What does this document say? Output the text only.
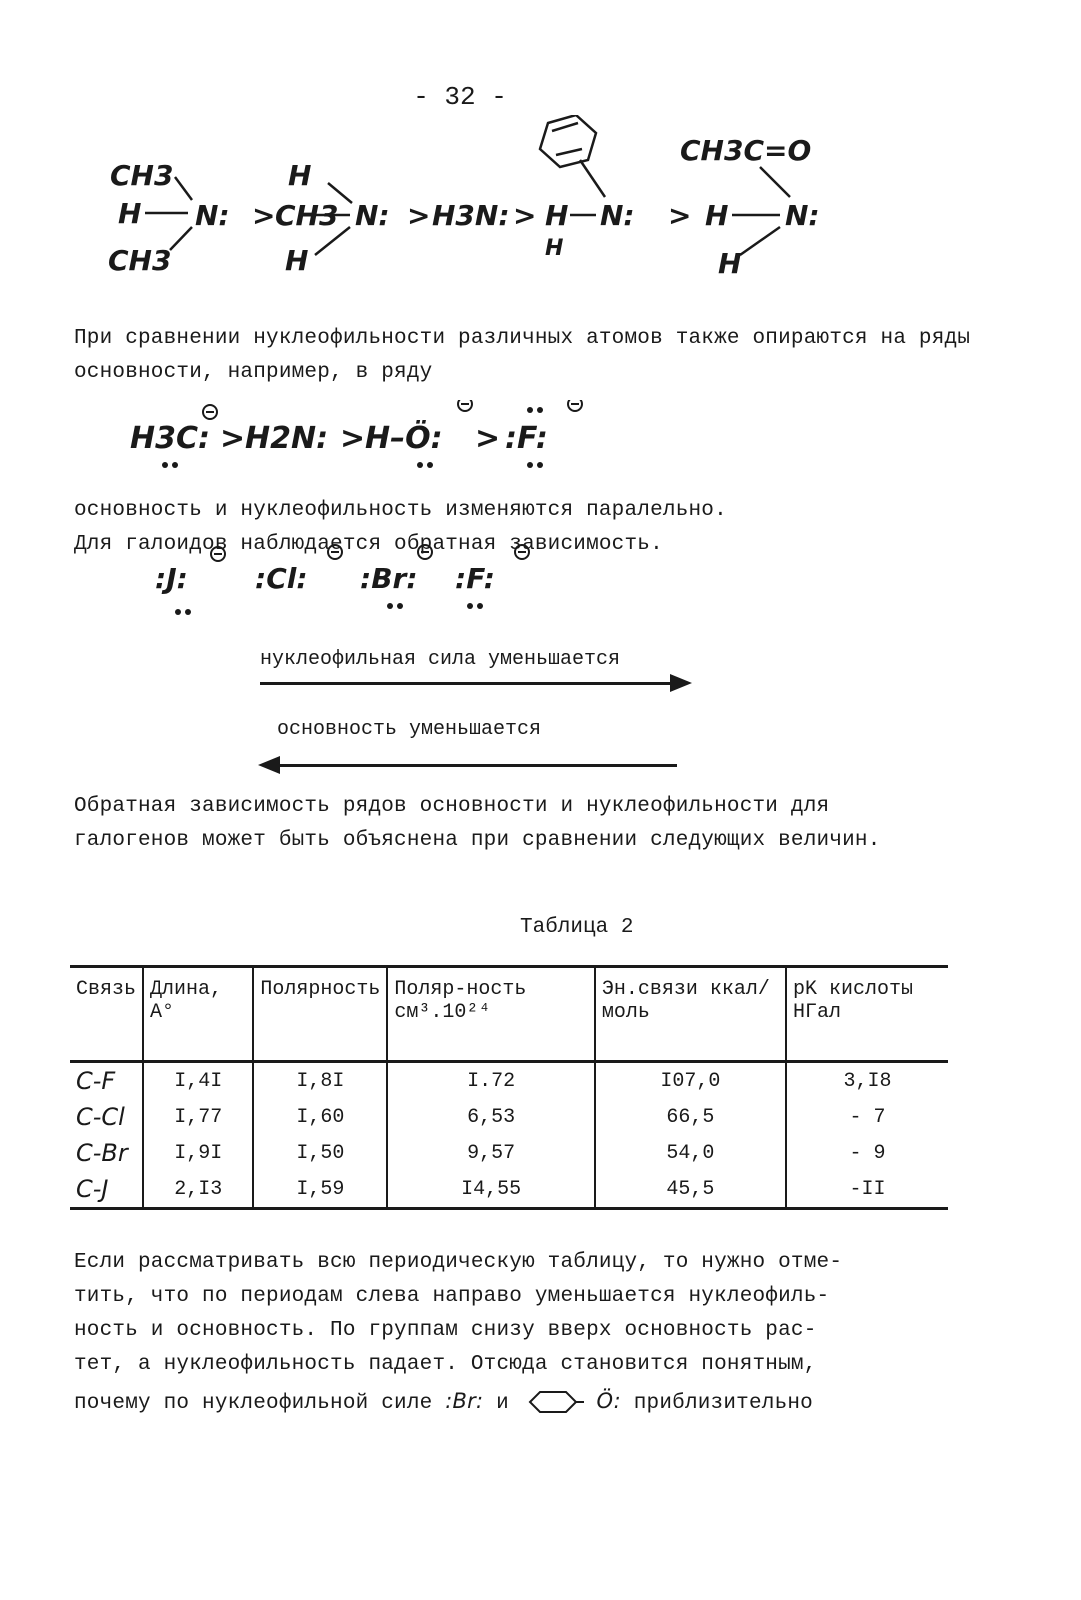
- 32 -
CH3
H
CH3
N: >
H
CH3
H
N: > H3N: > H
H
N: >
CH3C=O
H N:
H
При сравнении нуклеофильности различных атомов также опираются на ряды основности, например, в ряду
H3C: > H2N: > H–Ö: > :F:
основность и нуклеофильность изменяются паралельно.
Для галоидов наблюдается обратная зависимость.
:J: :Cl: :Br: :F:
нуклеофильная сила уменьшается
основность уменьшается
Обратная зависимость рядов основности и нуклеофильности для галогенов может быть объяснена при сравнении следующих величин.
Таблица 2
Связь	Длина, A°	Полярность	Поляр-ность см³.10²⁴	Эн.связи ккал/моль	pK кислоты НГал
C-F	I,4I	I,8I	I.72	I07,0	3,I8
C-Cl	I,77	I,60	6,53	66,5	- 7
C-Br	I,9I	I,50	9,57	54,0	- 9
C-J	2,I3	I,59	I4,55	45,5	-II
Если рассматривать всю периодическую таблицу, то нужно отме-
тить, что по периодам слева направо уменьшается нуклеофиль-
ность и основность. По группам снизу вверх основность рас-
тет, а нуклеофильность падает. Отсюда становится понятным,
почему по нуклеофильной силе :Br: и	Ö: приблизительно
